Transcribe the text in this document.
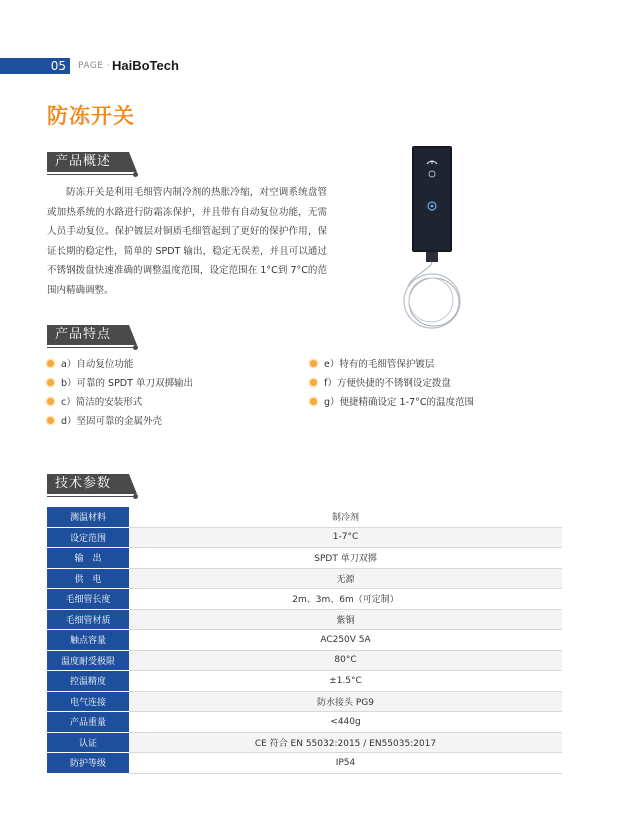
05	PAGE · HaiBoTech
防冻开关
产品概述
防冻开关是利用毛细管内制冷剂的热胀冷缩，对空调系统盘管或加热系统的水路进行防霜冻保护，并且带有自动复位功能，无需人员手动复位。保护镀层对铜质毛细管起到了更好的保护作用，保证长期的稳定性，简单的 SPDT 输出，稳定无误差，并且可以通过不锈钢拨盘快速准确的调整温度范围，设定范围在 1°C到 7°C的范围内精确调整。
产品特点
a）自动复位功能
b）可靠的 SPDT 单刀双掷输出
c）简洁的安装形式
d）坚固可靠的金属外壳
e）特有的毛细管保护镀层
f）方便快捷的不锈钢设定拨盘
g）便捷精确设定 1-7°C的温度范围
技术参数
测温材料	制冷剂
设定范围	1-7°C
输　出	SPDT 单刀双掷
供　电	无源
毛细管长度	2m、3m、6m（可定制）
毛细管材质	紫铜
触点容量	AC250V 5A
温度耐受极限	80°C
控温精度	±1.5°C
电气连接	防水接头 PG9
产品重量	<440g
认证	CE 符合 EN 55032:2015 / EN55035:2017
防护等级	IP54
